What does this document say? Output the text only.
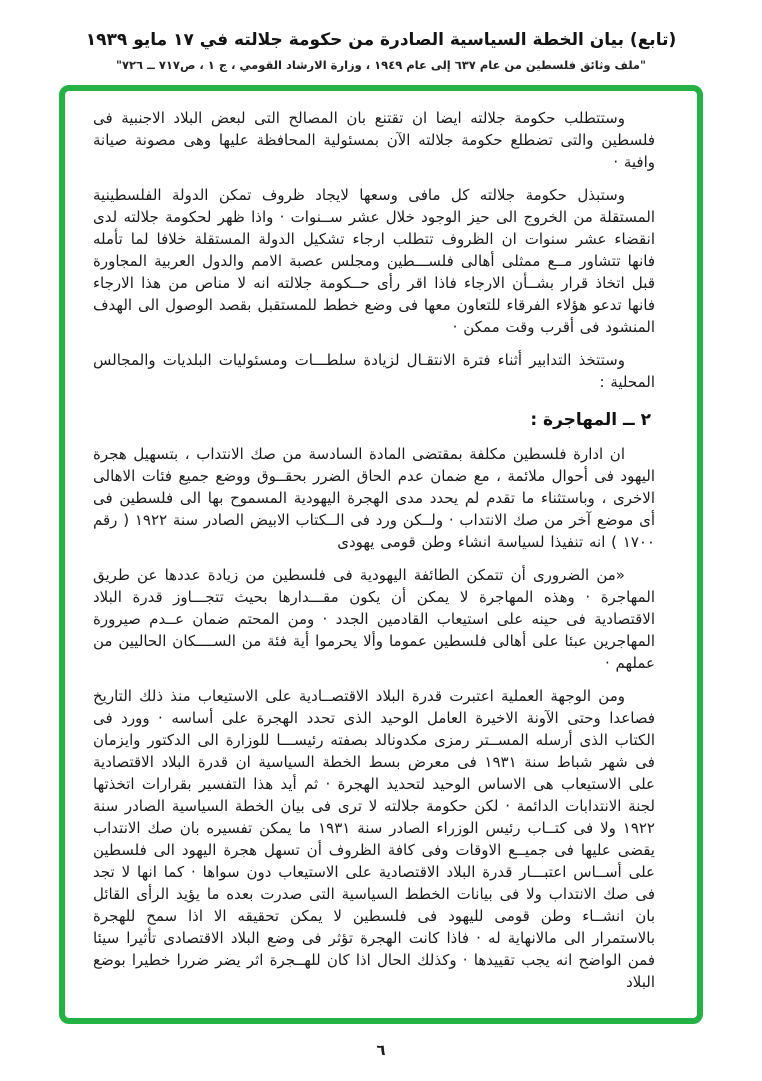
(تابع) بيان الخطة السياسية الصادرة من حكومة جلالته في ١٧ مايو ١٩٣٩
"ملف وثائق فلسطين من عام ٦٣٧ إلى عام ١٩٤٩ ، وزارة الارشاد القومي ، ج ١ ، ص٧١٧ ــ ٧٢٦"

وستتطلب حكومة جلالته ايضا ان تقتنع بان المصالح التى لبعض البلاد الاجنبية فى فلسطين والتى تضطلع حكومة جلالته الآن بمسئولية المحافظة عليها وهى مصونة صيانة وافية ·

وستبذل حكومة جلالته كل مافى وسعها لايجاد ظروف تمكن الدولة الفلسطينية المستقلة من الخروج الى حيز الوجود خلال عشر ســنوات · واذا ظهر لحكومة جلالته لدى انقضاء عشر سنوات ان الظروف تتطلب ارجاء تشكيل الدولة المستقلة خلافا لما تأمله فانها تتشاور مــع ممثلى أهالى فلســـطين ومجلس عصبة الامم والدول العربية المجاورة قبل اتخاذ قرار بشــأن الارجاء فاذا اقر رأى حــكومة جلالته انه لا مناص من هذا الارجاء فانها تدعو هؤلاء الفرقاء للتعاون معها فى وضع خطط للمستقبل بقصد الوصول الى الهدف المنشود فى أقرب وقت ممكن ·

وستتخذ التدابير أثناء فترة الانتقـال لزيادة سلطـــات ومسئوليات البلديات والمجالس المحلية :

٢ ــ المهاجرة :

ان ادارة فلسطين مكلفة بمقتضى المادة السادسة من صك الانتداب ، بتسهيل هجرة اليهود فى أحوال ملائمة ، مع ضمان عدم الحاق الضرر بحقــوق ووضع جميع فئات الاهالى الاخرى ، وباستثناء ما تقدم لم يحدد مدى الهجرة اليهودية المسموح بها الى فلسطين فى أى موضع آخر من صك الانتداب · ولــكن ورد فى الــكتاب الابيض الصادر سنة ١٩٢٢ ( رقم ١٧٠٠ ) انه تنفيذا لسياسة انشاء وطن قومى يهودى

«من الضرورى أن تتمكن الطائفة اليهودية فى فلسطين من زيادة عددها عن طريق المهاجرة · وهذه المهاجرة لا يمكن أن يكون مقـــدارها بحيث تتجـــاوز قدرة البلاد الاقتصادية فى حينه على استيعاب القادمين الجدد · ومن المحتم ضمان عــدم صيرورة المهاجرين عبئا على أهالى فلسطين عموما وألا يحرموا أية فئة من الســــكان الحاليين من عملهم ·

ومن الوجهة العملية اعتبرت قدرة البلاد الاقتصــادية على الاستيعاب منذ ذلك التاريخ فصاعدا وحتى الآونة الاخيرة العامل الوحيد الذى تحدد الهجرة على أساسه · وورد فى الكتاب الذى أرسله المســتر رمزى مكدونالد بصفته رئيســـا للوزارة الى الدكتور وايزمان فى شهر شباط سنة ١٩٣١ فى معرض بسط الخطة السياسية ان قدرة البلاد الاقتصادية على الاستيعاب هى الاساس الوحيد لتحديد الهجرة · ثم أيد هذا التفسير بقرارات اتخذتها لجنة الانتدابات الدائمة · لكن حكومة جلالته لا ترى فى بيان الخطة السياسية الصادر سنة ١٩٢٢ ولا فى كتــاب رئيس الوزراء الصادر سنة ١٩٣١ ما يمكن تفسيره بان صك الانتداب يقضى عليها فى جميــع الاوقات وفى كافة الظروف أن تسهل هجرة اليهود الى فلسطين على أســاس اعتبـــار قدرة البلاد الاقتصادية على الاستيعاب دون سواها · كما انها لا تجد فى صك الانتداب ولا فى بيانات الخطط السياسية التى صدرت بعده ما يؤيد الرأى القائل بان انشــاء وطن قومى لليهود فى فلسطين لا يمكن تحقيقه الا اذا سمح للهجرة بالاستمرار الى مالانهاية له · فاذا كانت الهجرة تؤثر فى وضع البلاد الاقتصادى تأثيرا سيئا فمن الواضح انه يجب تقييدها · وكذلك الحال اذا كان للهــجرة اثر يضر ضررا خطيرا بوضع البلاد

٦
